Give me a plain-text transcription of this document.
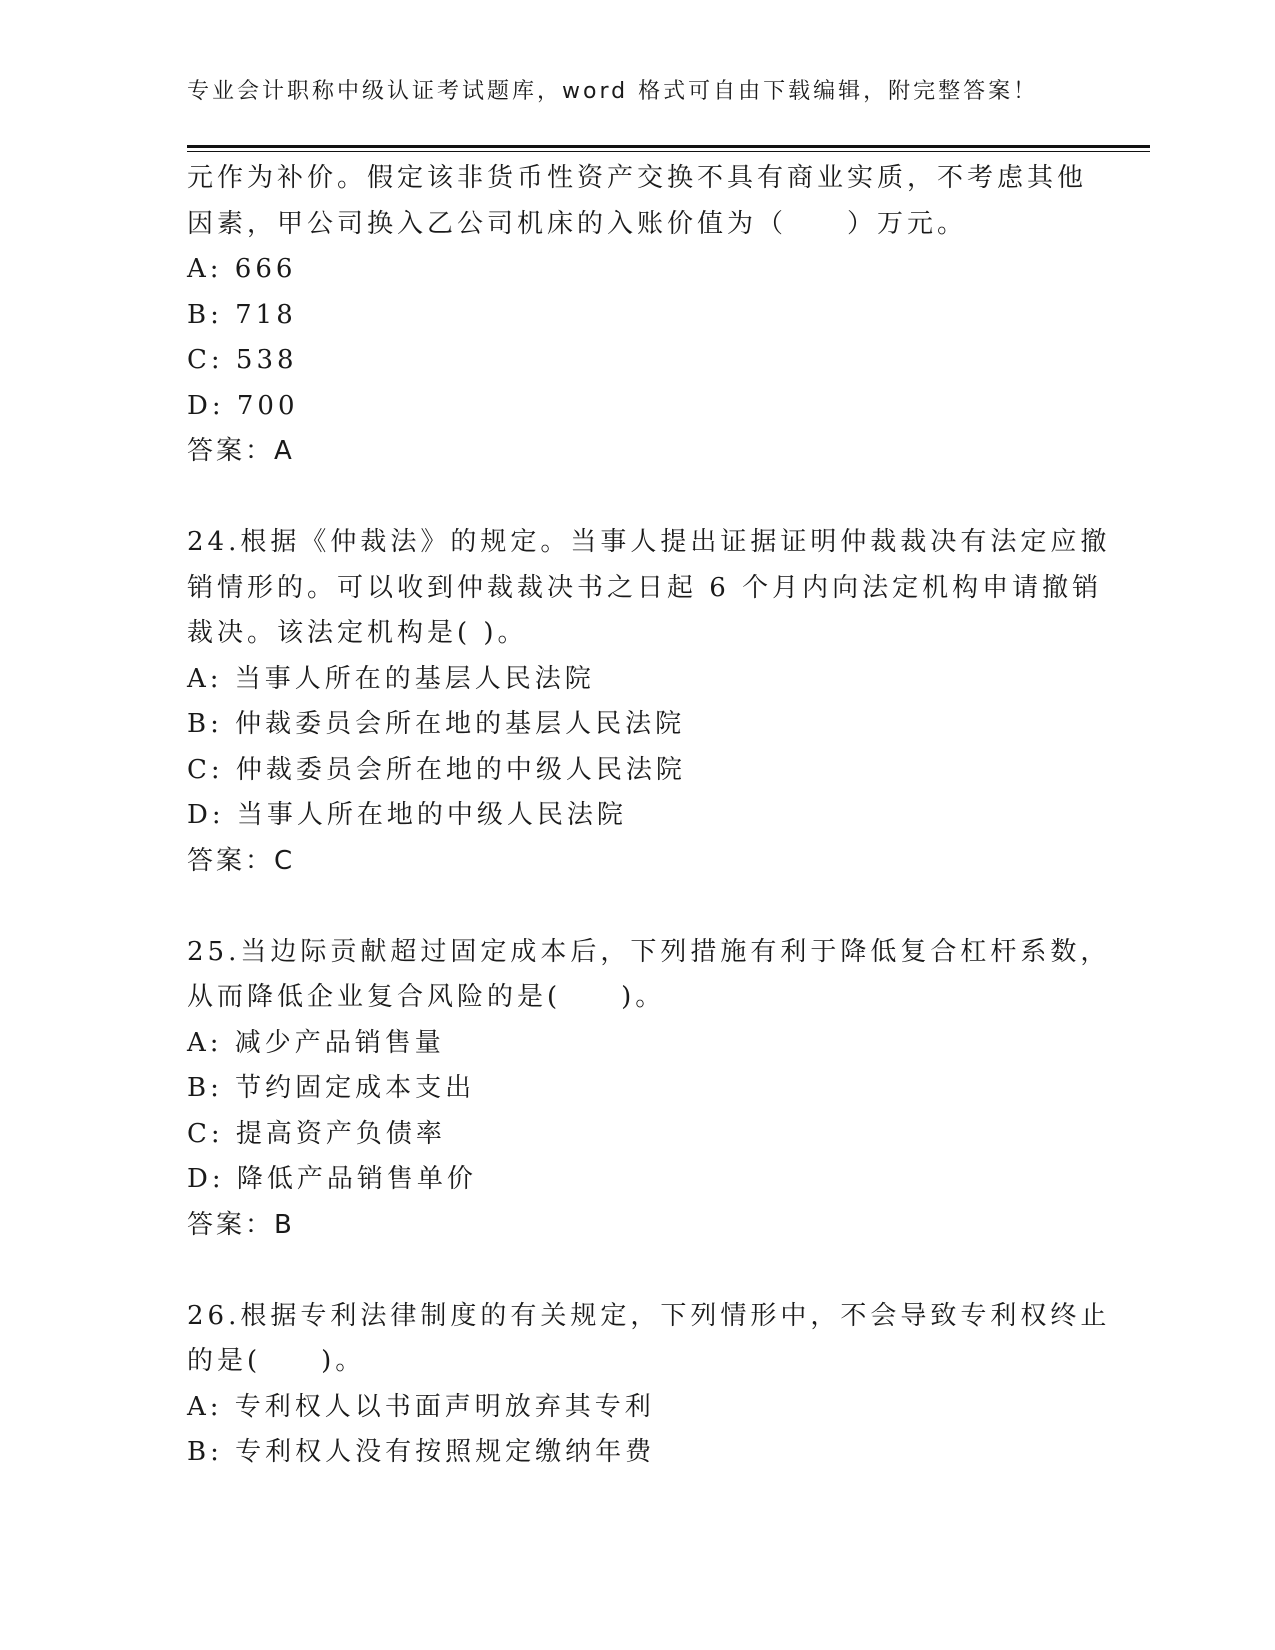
专业会计职称中级认证考试题库，word 格式可自由下载编辑，附完整答案！
元作为补价。假定该非货币性资产交换不具有商业实质，不考虑其他
因素，甲公司换入乙公司机床的入账价值为（　　）万元。
A: 666
B: 718
C: 538
D: 700
答案：A
24.根据《仲裁法》的规定。当事人提出证据证明仲裁裁决有法定应撤
销情形的。可以收到仲裁裁决书之日起 6 个月内向法定机构申请撤销
裁决。该法定机构是( )。
A: 当事人所在的基层人民法院
B: 仲裁委员会所在地的基层人民法院
C: 仲裁委员会所在地的中级人民法院
D: 当事人所在地的中级人民法院
答案：C
25.当边际贡献超过固定成本后，下列措施有利于降低复合杠杆系数，
从而降低企业复合风险的是(　　)。
A: 减少产品销售量
B: 节约固定成本支出
C: 提高资产负债率
D: 降低产品销售单价
答案：B
26.根据专利法律制度的有关规定，下列情形中，不会导致专利权终止
的是(　　)。
A: 专利权人以书面声明放弃其专利
B: 专利权人没有按照规定缴纳年费
